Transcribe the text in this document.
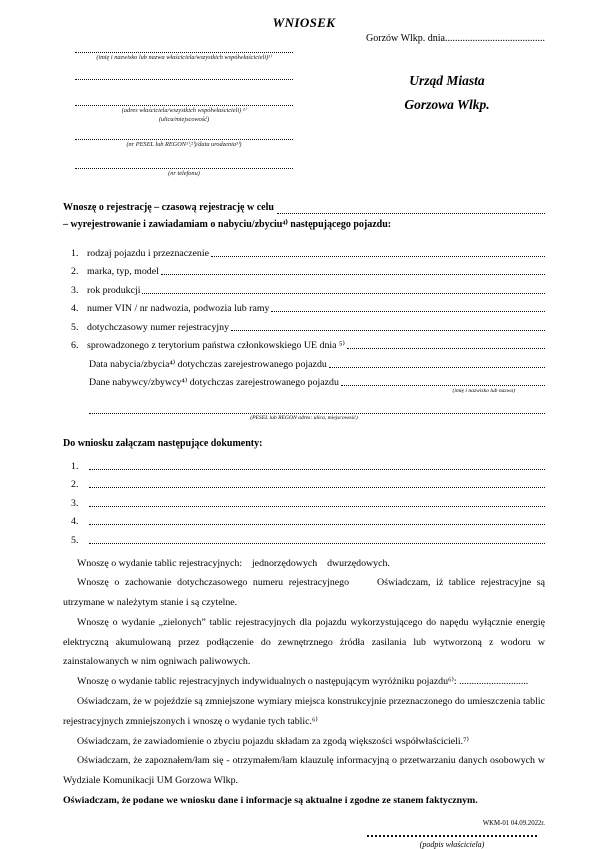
Gorzów Wlkp. dnia........................................
WNIOSEK
(imię i nazwisko lub nazwa właściciela/wszystkich współwłaścicieli)¹⁾
(adres właściciela/wszystkich współwłaścicieli) ²⁾
(ulica/miejscowość)
(nr PESEL lub REGON¹⁾,²⁾)/data urodzenia³⁾)
(nr telefonu)
Urząd Miasta
Gorzowa Wlkp.
Wnoszę o rejestrację – czasową rejestrację w celu
– wyrejestrowanie i zawiadamiam o nabyciu/zbyciu⁴⁾ następującego pojazdu:
1. rodzaj pojazdu i przeznaczenie
2. marka, typ, model
3. rok produkcji
4. numer VIN / nr nadwozia, podwozia lub ramy
5. dotychczasowy numer rejestracyjny
6. sprowadzonego z terytorium państwa członkowskiego UE dnia ⁵⁾
Data nabycia/zbycia⁴⁾ dotychczas zarejestrowanego pojazdu
Dane nabywcy/zbywcy⁴⁾ dotychczas zarejestrowanego pojazdu
(imię i nazwisko lub nazwa)
(PESEL lub REGON adres: ulica, miejscowość)
Do wniosku załączam następujące dokumenty:
1.
2.
3.
4.
5.
Wnoszę o wydanie tablic rejestracyjnych:    jednorzędowych    dwurzędowych.
Wnoszę o zachowanie dotychczasowego numeru rejestracyjnego     Oświadczam, iż tablice rejestracyjne są utrzymane w należytym stanie i są czytelne.
Wnoszę o wydanie „zielonych” tablic rejestracyjnych dla pojazdu wykorzystującego do napędu wyłącznie energię elektryczną akumulowaną przez podłączenie do zewnętrznego źródła zasilania lub wytworzoną z wodoru w zainstalowanych w nim ogniwach paliwowych.
Wnoszę o wydanie tablic rejestracyjnych indywidualnych o następującym wyróżniku pojazdu⁶⁾: ............................
Oświadczam, że w pojeździe są zmniejszone wymiary miejsca konstrukcyjnie przeznaczonego do umieszczenia tablic rejestracyjnych zmniejszonych i wnoszę o wydanie tych tablic.⁶⁾
Oświadczam, że zawiadomienie o zbyciu pojazdu składam za zgodą większości współwłaścicieli.⁷⁾
Oświadczam, że zapoznałem/łam się - otrzymałem/łam klauzulę informacyjną o przetwarzaniu danych osobowych w Wydziale Komunikacji UM Gorzowa Wlkp.
Oświadczam, że podane we wniosku dane i informacje są aktualne i zgodne ze stanem faktycznym.
(podpis właściciela)
WKM-01 04.09.2022r.
